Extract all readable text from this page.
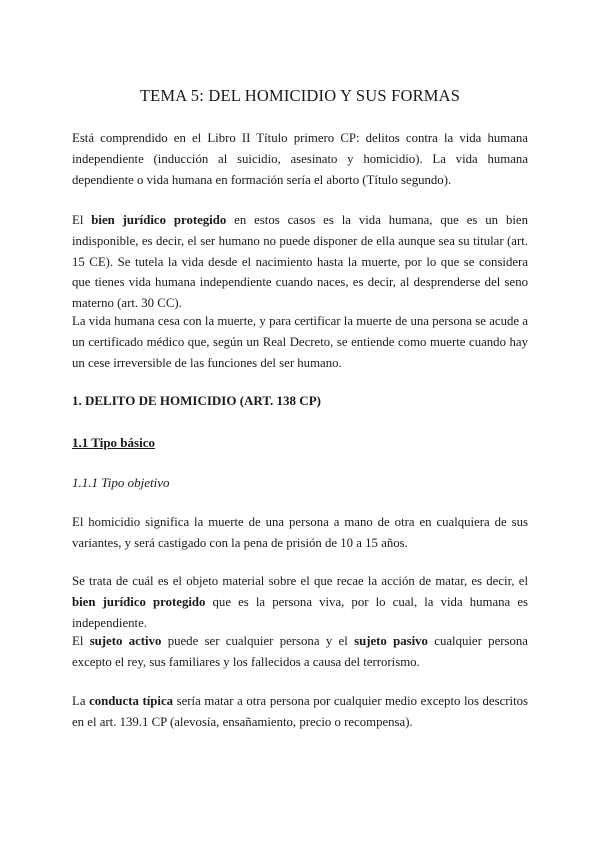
TEMA 5: DEL HOMICIDIO Y SUS FORMAS

Está comprendido en el Libro II Título primero CP: delitos contra la vida humana independiente (inducción al suicidio, asesinato y homicidio). La vida humana dependiente o vida humana en formación sería el aborto (Título segundo).

El bien jurídico protegido en estos casos es la vida humana, que es un bien indisponible, es decir, el ser humano no puede disponer de ella aunque sea su titular (art. 15 CE). Se tutela la vida desde el nacimiento hasta la muerte, por lo que se considera que tienes vida humana independiente cuando naces, es decir, al desprenderse del seno materno (art. 30 CC).

La vida humana cesa con la muerte, y para certificar la muerte de una persona se acude a un certificado médico que, según un Real Decreto, se entiende como muerte cuando hay un cese irreversible de las funciones del ser humano.

1. DELITO DE HOMICIDIO (ART. 138 CP)
1.1 Tipo básico
1.1.1 Tipo objetivo

El homicidio significa la muerte de una persona a mano de otra en cualquiera de sus variantes, y será castigado con la pena de prisión de 10 a 15 años.

Se trata de cuál es el objeto material sobre el que recae la acción de matar, es decir, el bien jurídico protegido que es la persona viva, por lo cual, la vida humana es independiente.

El sujeto activo puede ser cualquier persona y el sujeto pasivo cualquier persona excepto el rey, sus familiares y los fallecidos a causa del terrorismo.

La conducta típica sería matar a otra persona por cualquier medio excepto los descritos en el art. 139.1 CP (alevosía, ensañamiento, precio o recompensa).
